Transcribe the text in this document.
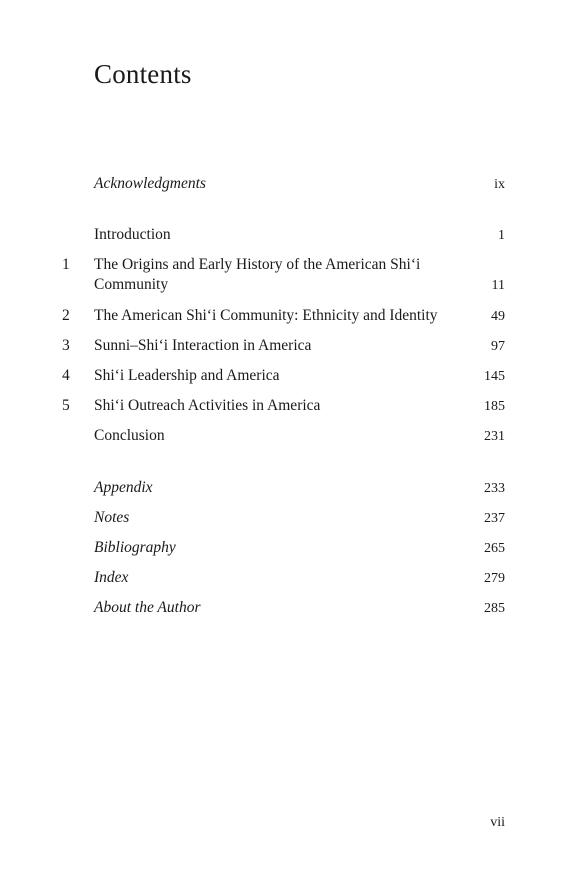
Contents
Acknowledgments	ix
Introduction	1
1 The Origins and Early History of the American Shi‘i Community	11
2 The American Shi‘i Community: Ethnicity and Identity	49
3 Sunni–Shi‘i Interaction in America	97
4 Shi‘i Leadership and America	145
5 Shi‘i Outreach Activities in America	185
Conclusion	231
Appendix	233
Notes	237
Bibliography	265
Index	279
About the Author	285
vii
